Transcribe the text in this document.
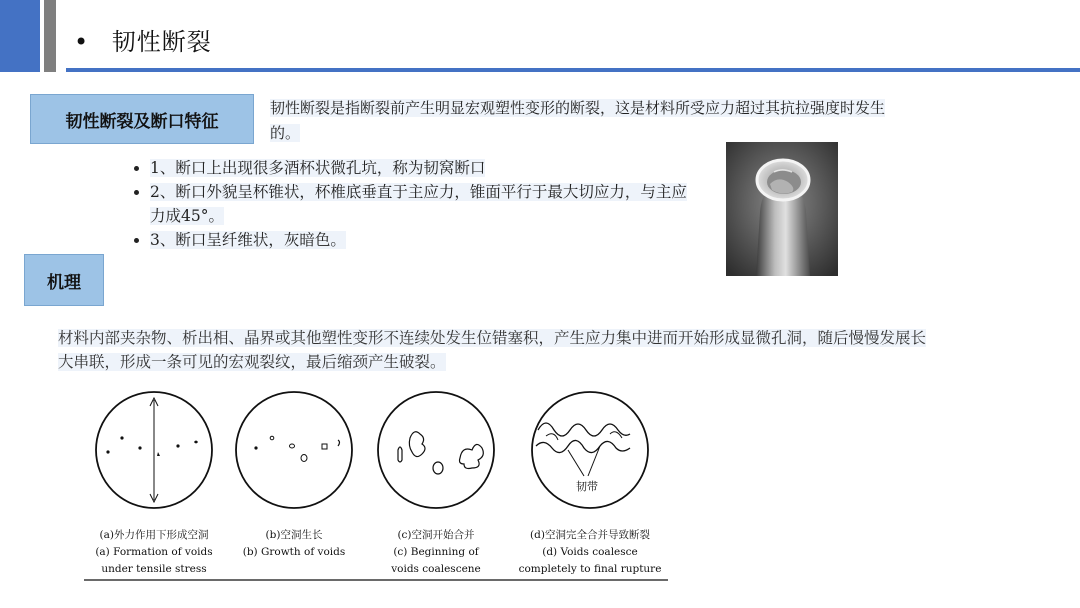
• 韧性断裂
韧性断裂及断口特征
韧性断裂是指断裂前产生明显宏观塑性变形的断裂，这是材料所受应力超过其抗拉强度时发生的。
• 1、断口上出现很多酒杯状微孔坑，称为韧窝断口
• 2、断口外貌呈杯锥状，杯椎底垂直于主应力，锥面平行于最大切应力，与主应力成45°。
• 3、断口呈纤维状，灰暗色。
机理
材料内部夹杂物、析出相、晶界或其他塑性变形不连续处发生位错塞积，产生应力集中进而开始形成显微孔洞，随后慢慢发展长大串联，形成一条可见的宏观裂纹，最后缩颈产生破裂。
韧带
(a)外力作用下形成空洞
(a) Formation of voids
under tensile stress
(b)空洞生长
(b) Growth of voids
(c)空洞开始合并
(c) Beginning of
voids coalescene
(d)空洞完全合并导致断裂
(d) Voids coalesce
completely to final rupture
